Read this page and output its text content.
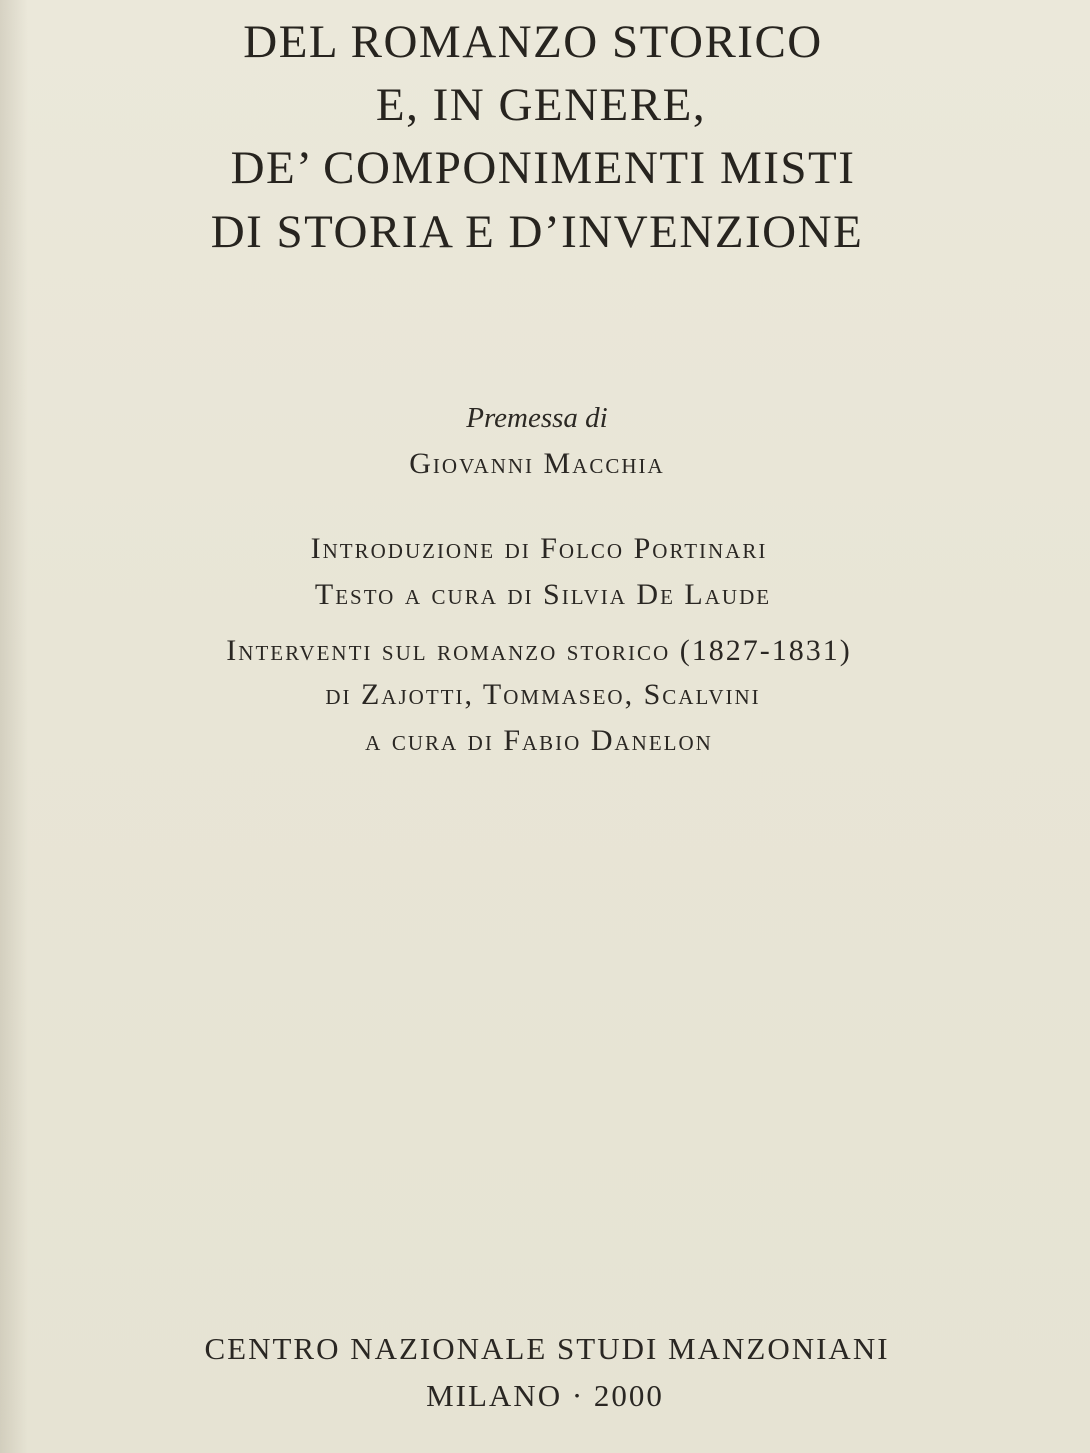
DEL ROMANZO STORICO
E, IN GENERE,
DE’ COMPONIMENTI MISTI
DI STORIA E D’INVENZIONE
Premessa di
Giovanni Macchia
Introduzione di Folco Portinari
Testo a cura di Silvia De Laude
Interventi sul romanzo storico (1827-1831)
di Zajotti, Tommaseo, Scalvini
a cura di Fabio Danelon
CENTRO NAZIONALE STUDI MANZONIANI
MILANO · 2000
